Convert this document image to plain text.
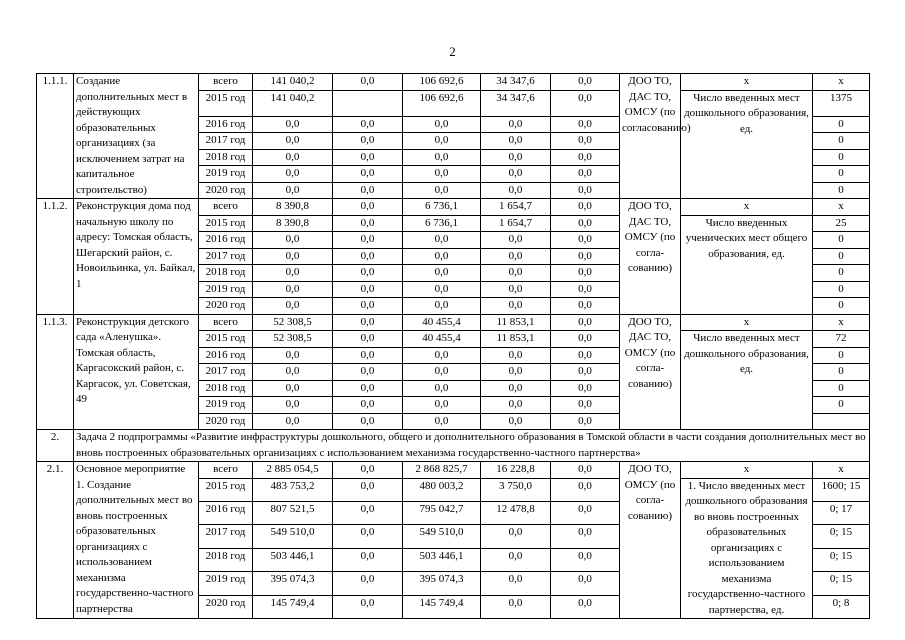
2
1.1.1.	Создание дополнительных мест в действующих образовательных организациях (за исключением затрат на капитальное строительство)	всего	141 040,2	0,0	106 692,6	34 347,6	0,0	ДОО ТО, ДАС ТО, ОМСУ (по согласованию)	х	х
		2015 год	141 040,2		106 692,6	34 347,6	0,0		Число введенных мест дошкольного образования, ед.	1375
		2016 год	0,0	0,0	0,0	0,0	0,0			0
		2017 год	0,0	0,0	0,0	0,0	0,0			0
		2018 год	0,0	0,0	0,0	0,0	0,0			0
		2019 год	0,0	0,0	0,0	0,0	0,0			0
		2020 год	0,0	0,0	0,0	0,0	0,0			0
1.1.2.	Реконструкция дома под начальную школу по адресу: Томская область, Шегарский район, с. Новоильинка, ул. Байкал, 1	всего	8 390,8	0,0	6 736,1	1 654,7	0,0	ДОО ТО, ДАС ТО, ОМСУ (по согла-сованию)	х	х
		2015 год	8 390,8	0,0	6 736,1	1 654,7	0,0		Число введенных ученических мест общего образования, ед.	25
		2016 год	0,0	0,0	0,0	0,0	0,0			0
		2017 год	0,0	0,0	0,0	0,0	0,0			0
		2018 год	0,0	0,0	0,0	0,0	0,0			0
		2019 год	0,0	0,0	0,0	0,0	0,0			0
		2020 год	0,0	0,0	0,0	0,0	0,0			0
1.1.3.	Реконструкция детского сада «Аленушка». Томская область, Каргасокский район, с. Каргасок, ул. Советская, 49	всего	52 308,5	0,0	40 455,4	11 853,1	0,0	ДОО ТО, ДАС ТО, ОМСУ (по согла-сованию)	х	х
		2015 год	52 308,5	0,0	40 455,4	11 853,1	0,0		Число введенных мест дошкольного образования, ед.	72
		2016 год	0,0	0,0	0,0	0,0	0,0			0
		2017 год	0,0	0,0	0,0	0,0	0,0			0
		2018 год	0,0	0,0	0,0	0,0	0,0			0
		2019 год	0,0	0,0	0,0	0,0	0,0			0
		2020 год	0,0	0,0	0,0	0,0	0,0			
2.	Задача 2 подпрограммы «Развитие инфраструктуры дошкольного, общего и дополнительного образования в Томской области в части создания дополнительных мест во вновь построенных образовательных организациях с использованием механизма государственно-частного партнерства»									
2.1.	Основное мероприятие 1. Создание дополнительных мест во вновь построенных образовательных организациях с использованием механизма государственно-частного партнерства	всего	2 885 054,5	0,0	2 868 825,7	16 228,8	0,0	ДОО ТО, ОМСУ (по согла-сованию)	х	х
		2015 год	483 753,2	0,0	480 003,2	3 750,0	0,0		1. Число введенных мест дошкольного образования во вновь построенных образовательных организациях с использованием механизма государственно-частного партнерства, ед.	1600; 15
		2016 год	807 521,5	0,0	795 042,7	12 478,8	0,0			0; 17
		2017 год	549 510,0	0,0	549 510,0	0,0	0,0			0; 15
		2018 год	503 446,1	0,0	503 446,1	0,0	0,0			0; 15
		2019 год	395 074,3	0,0	395 074,3	0,0	0,0			0; 15
		2020 год	145 749,4	0,0	145 749,4	0,0	0,0			0; 8
